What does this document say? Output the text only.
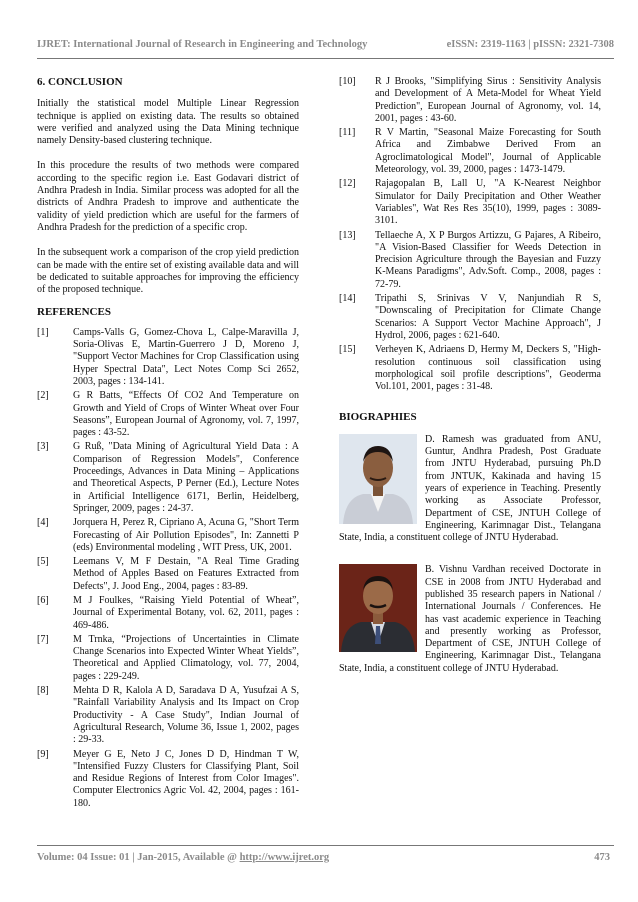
IJRET: International Journal of Research in Engineering and Technology	eISSN: 2319-1163 | pISSN: 2321-7308
6. CONCLUSION

Initially the statistical model Multiple Linear Regression technique is applied on existing data. The results so obtained were verified and analyzed using the Data Mining technique namely Density-based clustering technique.

In this procedure the results of two methods were compared according to the specific region i.e. East Godavari district of Andhra Pradesh in India. Similar process was adopted for all the districts of Andhra Pradesh to improve and authenticate the validity of yield prediction which are useful for the farmers of Andhra Pradesh for the prediction of a specific crop.

In the subsequent work a comparison of the crop yield prediction can be made with the entire set of existing available data and will be dedicated to suitable approaches for improving the efficiency of the proposed technique.

REFERENCES
[1]	Camps-Valls G, Gomez-Chova L, Calpe-Maravilla J, Soria-Olivas E, Martin-Guerrero J D, Moreno J, "Support Vector Machines for Crop Classification using Hyper Spectral Data", Lect Notes Comp Sci 2652, 2003, pages : 134-141.
[2]	G R Batts, “Effects Of CO2 And Temperature on Growth and Yield of Crops of Winter Wheat over Four Seasons”, European Journal of Agronomy, vol. 7, 1997, pages : 43-52.
[3]	G Ruß, "Data Mining of Agricultural Yield Data : A Comparison of Regression Models", Conference Proceedings, Advances in Data Mining – Applications and Theoretical Aspects, P Perner (Ed.), Lecture Notes in Artificial Intelligence 6171, Berlin, Heidelberg, Springer, 2009, pages : 24-37.
[4]	Jorquera H, Perez R, Cipriano A, Acuna G, "Short Term Forecasting of Air Pollution Episodes", In: Zannetti P (eds) Environmental modeling , WIT Press, UK, 2001.
[5]	Leemans V, M F Destain, "A Real Time Grading Method of Apples Based on Features Extracted from Defects", J. Jood Eng., 2004, pages : 83-89.
[6]	M J Foulkes, “Raising Yield Potential of Wheat”, Journal of Experimental Botany, vol. 62, 2011, pages : 469-486.
[7]	M Trnka, “Projections of Uncertainties in Climate Change Scenarios into Expected Winter Wheat Yields”, Theoretical and Applied Climatology, vol. 77, 2004, pages : 229-249.
[8]	Mehta D R, Kalola A D, Saradava D A, Yusufzai A S, "Rainfall Variability Analysis and Its Impact on Crop Productivity - A Case Study", Indian Journal of Agricultural Research, Volume 36, Issue 1, 2002, pages : 29-33.
[9]	Meyer G E, Neto J C, Jones D D, Hindman T W, "Intensified Fuzzy Clusters for Classifying Plant, Soil and Residue Regions of Interest from Color Images". Computer Electronics Agric Vol. 42, 2004, pages : 161-180.
[10]	R J Brooks, "Simplifying Sirus : Sensitivity Analysis and Development of A Meta-Model for Wheat Yield Prediction", European Journal of Agronomy, vol. 14, 2001, pages : 43-60.
[11]	R V Martin, "Seasonal Maize Forecasting for South Africa and Zimbabwe Derived From an Agroclimatological Model", Journal of Applicable Meteorology, vol. 39, 2000, pages : 1473-1479.
[12]	Rajagopalan B, Lall U, "A K-Nearest Neighbor Simulator for Daily Precipitation and Other Weather Variables", Wat Res Res 35(10), 1999, pages : 3089-3101.
[13]	Tellaeche A, X P Burgos Artizzu, G Pajares, A Ribeiro, "A Vision-Based Classifier for Weeds Detection in Precision Agriculture through the Bayesian and Fuzzy K-Means Paradigms", Adv.Soft. Comp., 2008, pages : 72-79.
[14]	Tripathi S, Srinivas V V, Nanjundiah R S, "Downscaling of Precipitation for Climate Change Scenarios: A Support Vector Machine Approach", J Hydrol, 2006, pages : 621-640.
[15]	Verheyen K, Adriaens D, Hermy M, Deckers S, "High-resolution continuous soil classification using morphological soil profile descriptions", Geoderma Vol.101, 2001, pages : 31-48.
BIOGRAPHIES
D. Ramesh was graduated from ANU, Guntur, Andhra Pradesh, Post Graduate from JNTU Hyderabad, pursuing Ph.D from JNTUK, Kakinada and having 15 years of experience in Teaching. Presently working as Associate Professor, Department of CSE, JNTUH College of Engineering, Karimnagar Dist., Telangana State, India, a constituent college of JNTU Hyderabad.
B. Vishnu Vardhan received Doctorate in CSE in 2008 from JNTU Hyderabad and published 35 research papers in National / International Journals / Conferences. He has vast academic experience in Teaching and presently working as Professor, Department of CSE, JNTUH College of Engineering, Karimnagar Dist., Telangana State, India, a constituent college of JNTU Hyderabad.
Volume: 04 Issue: 01 | Jan-2015, Available @ http://www.ijret.org	473
